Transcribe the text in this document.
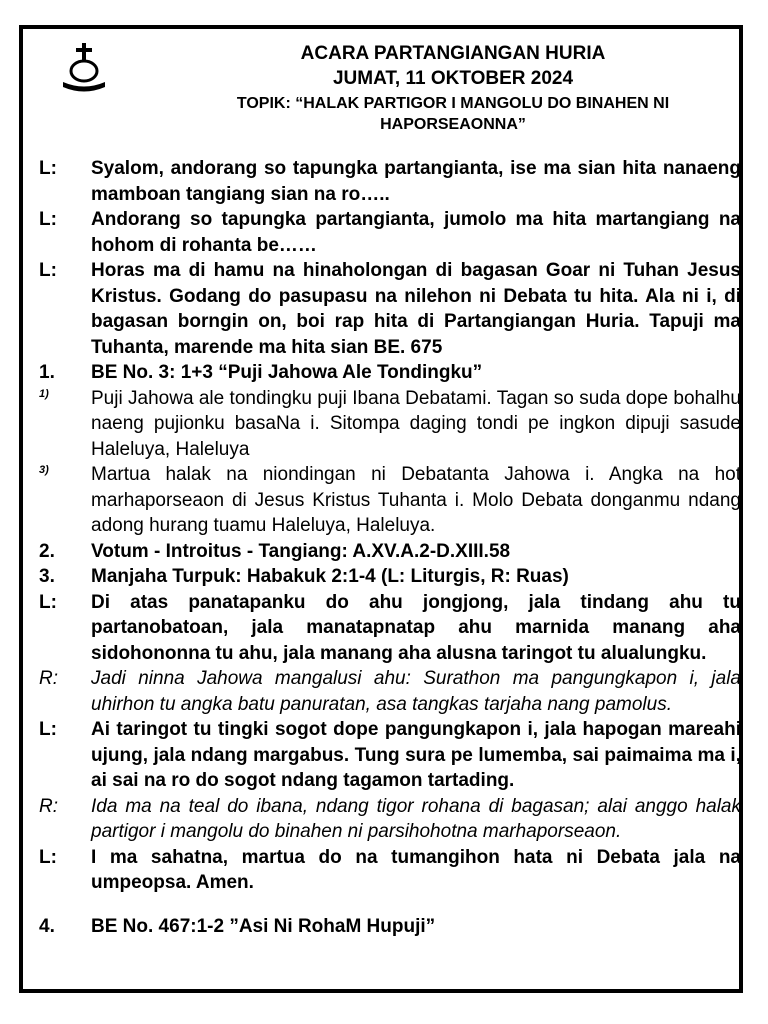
ACARA PARTANGIANGAN HURIA
JUMAT, 11 OKTOBER 2024
TOPIK: “HALAK PARTIGOR I MANGOLU DO BINAHEN NI HAPORSEAONNA”
L:	Syalom, andorang so tapungka partangianta, ise ma sian hita nanaeng mamboan tangiang sian na ro…..
L:	Andorang so tapungka partangianta, jumolo ma hita martangiang na hohom di rohanta be……
L:	Horas ma di hamu na hinaholongan di bagasan Goar ni Tuhan Jesus Kristus. Godang do pasupasu na nilehon ni Debata tu hita. Ala ni i, di bagasan borngin on, boi rap hita di Partangiangan Huria. Tapuji ma Tuhanta, marende ma hita sian BE. 675
1.	BE No. 3: 1+3 “Puji Jahowa Ale Tondingku”
1)	Puji Jahowa ale tondingku puji Ibana Debatami. Tagan so suda dope bohalhu naeng pujionku basaNa i. Sitompa daging tondi pe ingkon dipuji sasude Haleluya, Haleluya
3)	Martua halak na niondingan ni Debatanta Jahowa i. Angka na hot marhaporseaon di Jesus Kristus Tuhanta i. Molo Debata donganmu ndang adong hurang tuamu Haleluya, Haleluya.
2.	Votum - Introitus - Tangiang: A.XV.A.2-D.XIII.58
3.	Manjaha Turpuk: Habakuk 2:1-4 (L: Liturgis, R: Ruas)
L:	Di atas panatapanku do ahu jongjong, jala tindang ahu tu partanobatoan, jala manatapnatap ahu marnida manang aha sidohononna tu ahu, jala manang aha alusna taringot tu alualungku.
R:	Jadi ninna Jahowa mangalusi ahu: Surathon ma pangungkapon i, jala uhirhon tu angka batu panuratan, asa tangkas tarjaha nang pamolus.
L:	Ai taringot tu tingki sogot dope pangungkapon i, jala hapogan mareahi ujung, jala ndang margabus. Tung sura pe lumemba, sai paimaima ma i, ai sai na ro do sogot ndang tagamon tartading.
R:	Ida ma na teal do ibana, ndang tigor rohana di bagasan; alai anggo halak partigor i mangolu do binahen ni parsihohotna marhaporseaon.
L:	I ma sahatna, martua do na tumangihon hata ni Debata jala na umpeopsa. Amen.
4.	BE No. 467:1-2 ”Asi Ni RohaM Hupuji”
